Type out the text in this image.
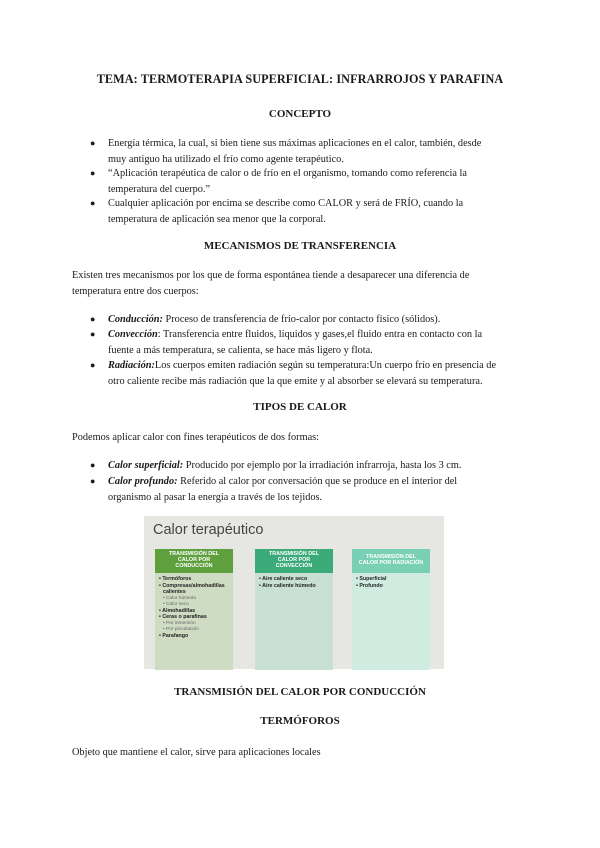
TEMA: TERMOTERAPIA SUPERFICIAL: INFRARROJOS Y PARAFINA
CONCEPTO
● Energía térmica, la cual, si bien tiene sus máximas aplicaciones en el calor, también, desde
muy antiguo ha utilizado el frío como agente terapéutico.
● “Aplicación terapéutica de calor o de frío en el organismo, tomando como referencia la
temperatura del cuerpo.”
● Cualquier aplicación por encima se describe como CALOR y será de FRÍO, cuando la
temperatura de aplicación sea menor que la corporal.
MECANISMOS DE TRANSFERENCIA
Existen tres mecanismos por los que de forma espontánea tiende a desaparecer una diferencia de
temperatura entre dos cuerpos:
● Conducción: Proceso de transferencia de frío-calor por contacto físico (sólidos).
● Convección: Transferencia entre fluidos, líquidos y gases,el fluido entra en contacto con la
fuente a más temperatura, se calienta, se hace más ligero y flota.
● Radiación:Los cuerpos emiten radiación según su temperatura:Un cuerpo frío en presencia de
otro caliente recibe más radiación que la que emite y al absorber se elevará su temperatura.
TIPOS DE CALOR
Podemos aplicar calor con fines terapéuticos de dos formas:
● Calor superficial: Producido por ejemplo por la irradiación infrarroja, hasta los 3 cm.
● Calor profundo: Referido al calor por conversación que se produce en el interior del
organismo al pasar la energía a través de los tejidos.
Calor terapéutico
TRANSMISIÓN DEL
CALOR POR
CONDUCCIÓN
• Termóforos
• Compresas/almohadillas
calientes
• Calor húmedo
• Calor seco
• Almohadillas
• Ceras o parafinas
• Por inmersión
• Por pincelación
• Parafango
TRANSMISIÓN DEL
CALOR POR
CONVECCIÓN
• Aire caliente seco
• Aire caliente húmedo
TRANSMISIÓN DEL
CALOR POR RADIACIÓN
• Superficial
• Profundo
TRANSMISIÓN DEL CALOR POR CONDUCCIÓN
TERMÓFOROS
Objeto que mantiene el calor, sirve para aplicaciones locales
